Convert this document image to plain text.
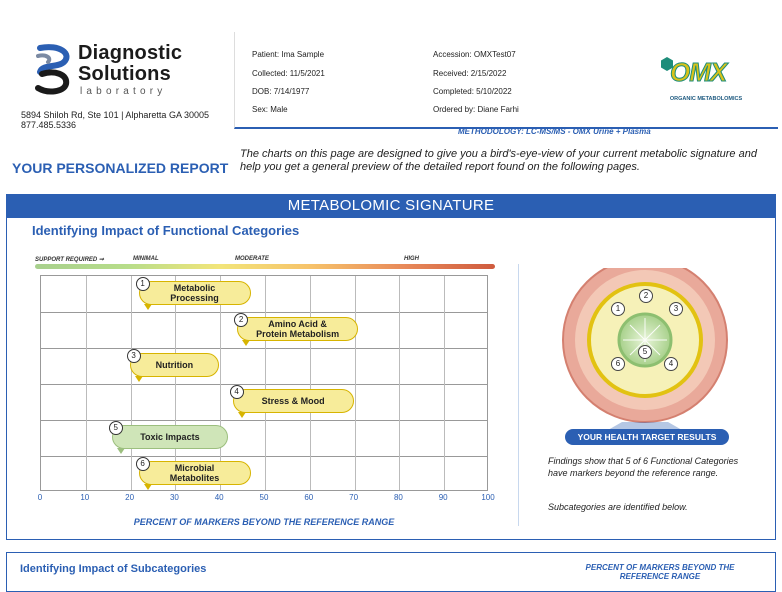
Diagnostic
Solutions
laboratory
5894 Shiloh Rd, Ste 101 | Alpharetta GA 30005
877.485.5336
Patient: Ima Sample
Collected: 11/5/2021
DOB: 7/14/1977
Sex: Male
Accession: OMXTest07
Received: 2/15/2022
Completed: 5/10/2022
Ordered by: Diane Farhi
OMX
ORGANIC METABOLOMICS
METHODOLOGY: LC-MS/MS - OMX Urine + Plasma
YOUR PERSONALIZED REPORT
The charts on this page are designed to give you a bird's-eye-view of your current metabolic signature and help you get a general preview of the detailed report found on the following pages.
METABOLOMIC SIGNATURE
Identifying Impact of Functional Categories
SUPPORT REQUIRED ➞	MINIMAL	MODERATE	HIGH
0	10	20	30	40	50	60	70	80	90	100
Metabolic
Processing
1
Amino Acid &
Protein Metabolism
2
Nutrition
3
Stress & Mood
4
Toxic Impacts
5
Microbial
Metabolites
6
PERCENT OF MARKERS BEYOND THE REFERENCE RANGE
1
2
3
4
5
6
YOUR HEALTH TARGET RESULTS
Findings show that 5 of 6 Functional Categories have markers beyond the reference range.
Subcategories are identified below.
Identifying Impact of Subcategories	PERCENT OF MARKERS BEYOND THE REFERENCE RANGE
